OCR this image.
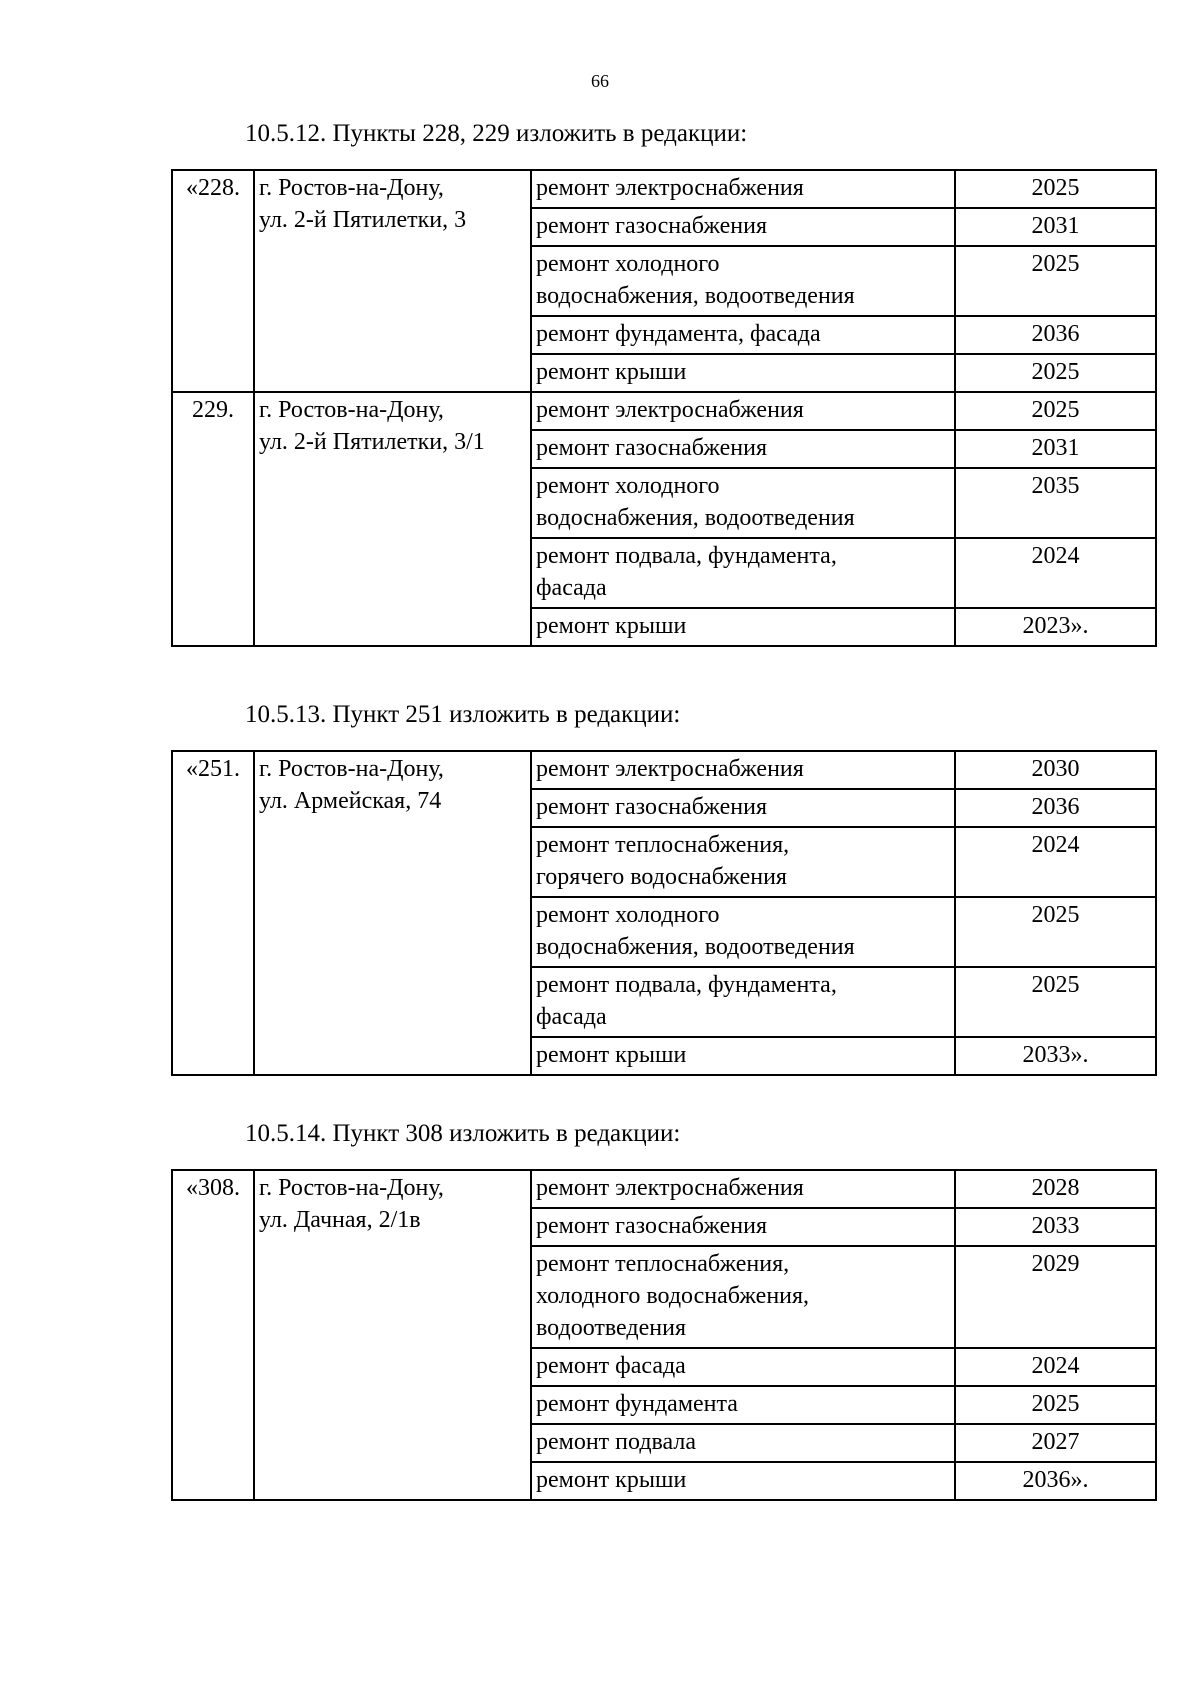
66
10.5.12. Пункты 228, 229 изложить в редакции:
«228.	г. Ростов-на-Дону,
ул. 2-й Пятилетки, 3	ремонт электроснабжения	2025

		ремонт газоснабжения	2031

		ремонт холодного
водоснабжения, водоотведения	2025

		ремонт фундамента, фасада	2036

		ремонт крыши	2025
229.	г. Ростов-на-Дону,
ул. 2-й Пятилетки, 3/1	ремонт электроснабжения	2025

		ремонт газоснабжения	2031

		ремонт холодного
водоснабжения, водоотведения	2035

		ремонт подвала, фундамента,
фасада	2024

		ремонт крыши	2023».
10.5.13. Пункт 251 изложить в редакции:
«251.	г. Ростов-на-Дону,
ул. Армейская, 74	ремонт электроснабжения	2030

		ремонт газоснабжения	2036

		ремонт теплоснабжения,
горячего водоснабжения	2024

		ремонт холодного
водоснабжения, водоотведения	2025

		ремонт подвала, фундамента,
фасада	2025

		ремонт крыши	2033».
10.5.14. Пункт 308 изложить в редакции:
«308.	г. Ростов-на-Дону,
ул. Дачная, 2/1в	ремонт электроснабжения	2028

		ремонт газоснабжения	2033

		ремонт теплоснабжения,
холодного водоснабжения,
водоотведения	2029

		ремонт фасада	2024

		ремонт фундамента	2025

		ремонт подвала	2027

		ремонт крыши	2036».
